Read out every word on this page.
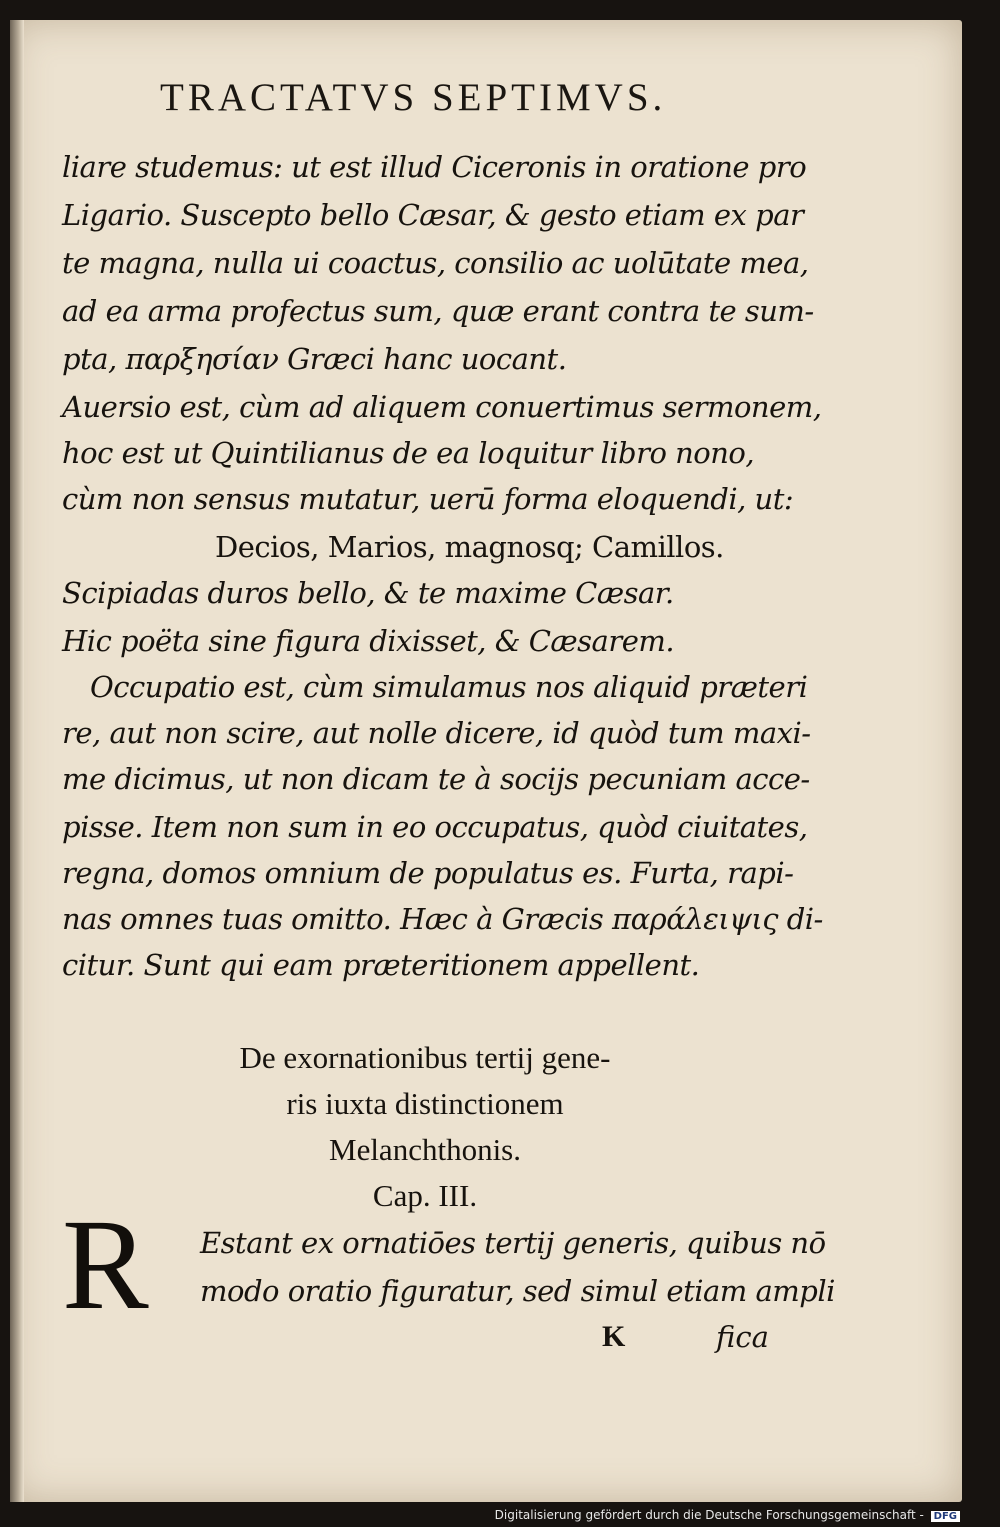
TRACTATVS SEPTIMVS.
liare studemus: ut est illud Ciceronis in oratione pro
Ligario. Suscepto bello Cæsar, & gesto etiam ex par
te magna, nulla ui coactus, consilio ac uolūtate mea,
ad ea arma profectus sum, quæ erant contra te sum-
pta, παρξησίαν Græci hanc uocant.
Auersio est, cùm ad aliquem conuertimus sermonem,
hoc est ut Quintilianus de ea loquitur libro nono,
cùm non sensus mutatur, uerū forma eloquendi, ut:
Decios, Marios, magnosq; Camillos.
Scipiadas duros bello, & te maxime Cæsar.
Hic poëta sine figura dixisset, & Cæsarem.
Occupatio est, cùm simulamus nos aliquid præteri
re, aut non scire, aut nolle dicere, id quòd tum maxi-
me dicimus, ut non dicam te à socijs pecuniam acce-
pisse. Item non sum in eo occupatus, quòd ciuitates,
regna, domos omnium de populatus es. Furta, rapi-
nas omnes tuas omitto. Hæc à Græcis παράλειψις di-
citur. Sunt qui eam præteritionem appellent.
De exornationibus tertij gene-
ris iuxta distinctionem
Melanchthonis.
Cap. III.
R Estant ex ornatiōes tertij generis, quibus nō
modo oratio figuratur, sed simul etiam ampli
K	fica
Digitalisierung gefördert durch die Deutsche Forschungsgemeinschaft - DFG
